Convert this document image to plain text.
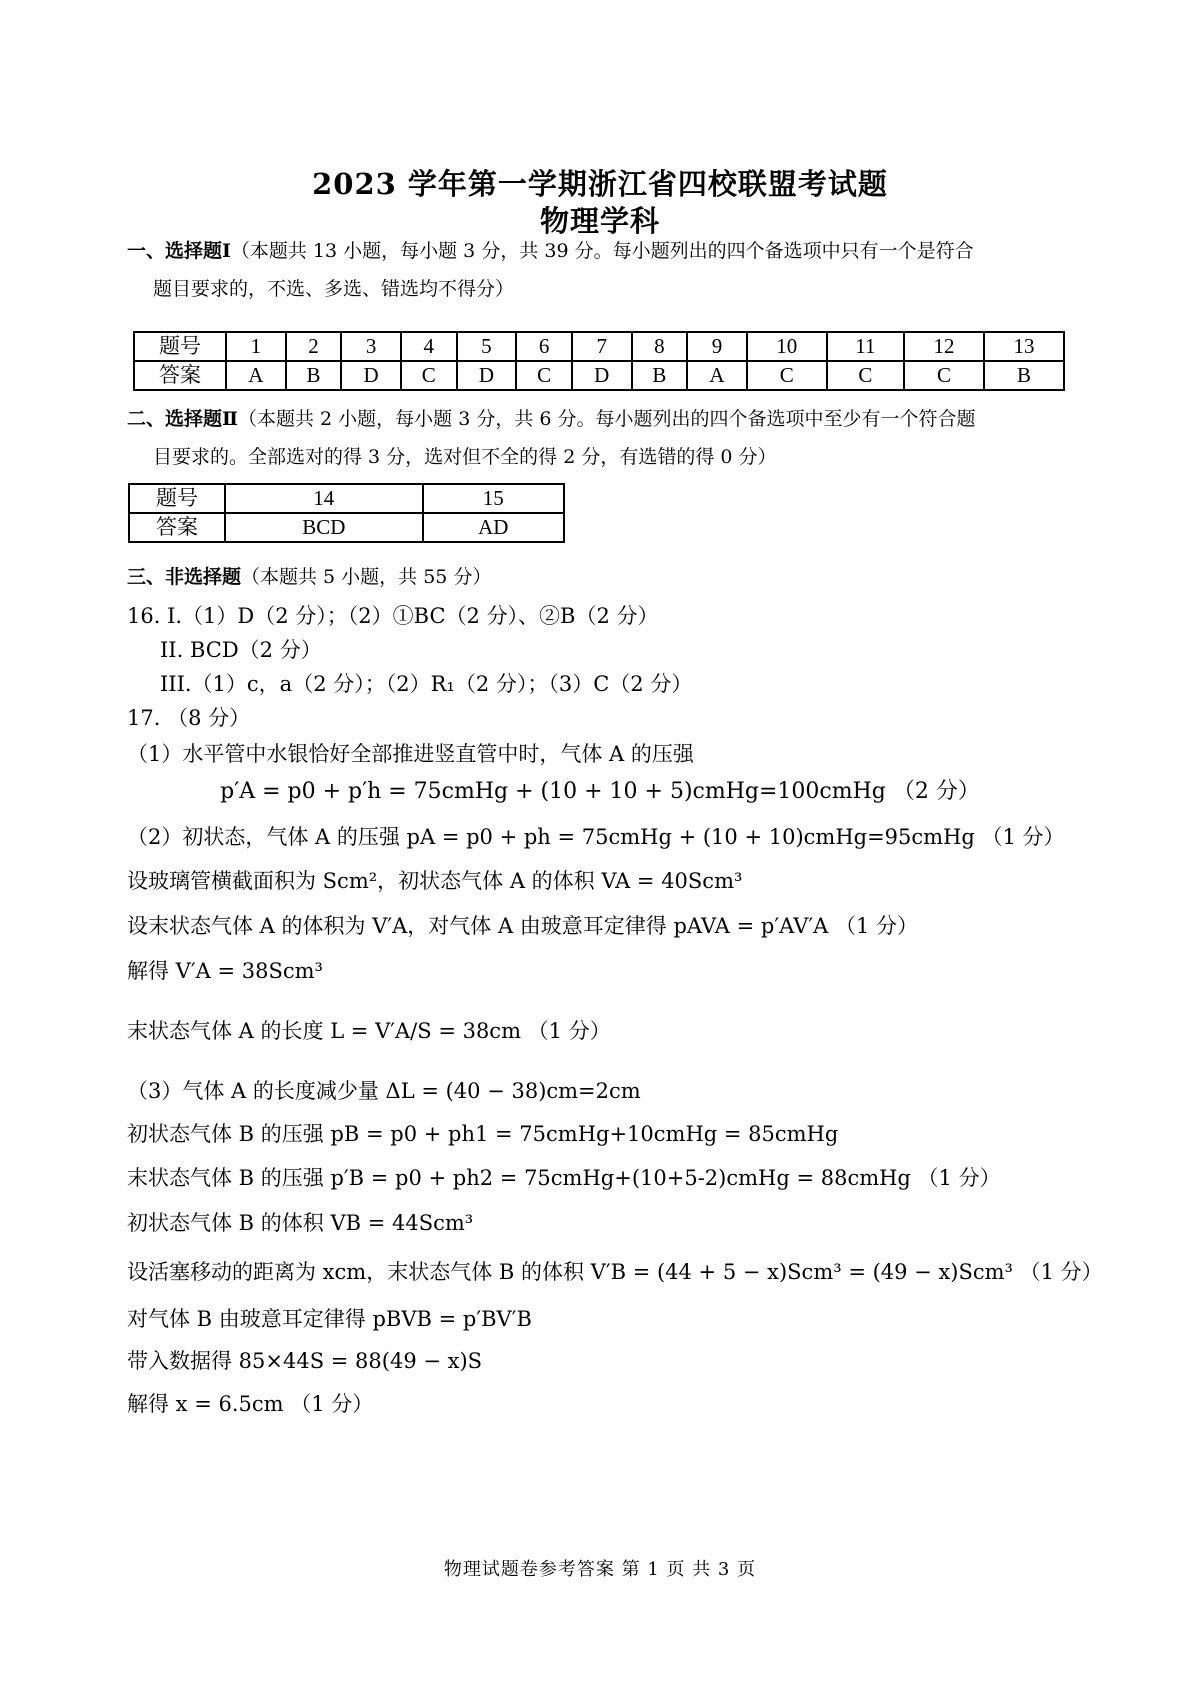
2023 学年第一学期浙江省四校联盟考试题
物理学科
一、选择题Ⅰ（本题共 13 小题，每小题 3 分，共 39 分。每小题列出的四个备选项中只有一个是符合
题目要求的，不选、多选、错选均不得分）
题号	1	2	3	4	5	6	7	8	9	10	11	12	13
答案	A	B	D	C	D	C	D	B	A	C	C	C	B
二、选择题Ⅱ（本题共 2 小题，每小题 3 分，共 6 分。每小题列出的四个备选项中至少有一个符合题
目要求的。全部选对的得 3 分，选对但不全的得 2 分，有选错的得 0 分）
题号	14	15
答案	BCD	AD
三、非选择题（本题共 5 小题，共 55 分）
16. I.（1）D（2 分）；（2）①BC（2 分）、②B（2 分）
II. BCD（2 分）
III.（1）c，a（2 分）；（2）R₁（2 分）；（3）C（2 分）
17. （8 分）
（1）水平管中水银恰好全部推进竖直管中时，气体 A 的压强
p′A = p0 + p′h = 75cmHg + (10 + 10 + 5)cmHg=100cmHg （2 分）
（2）初状态，气体 A 的压强 pA = p0 + ph = 75cmHg + (10 + 10)cmHg=95cmHg （1 分）
设玻璃管横截面积为 Scm²，初状态气体 A 的体积 VA = 40Scm³
设末状态气体 A 的体积为 V′A，对气体 A 由玻意耳定律得 pAVA = p′AV′A （1 分）
解得 V′A = 38Scm³
末状态气体 A 的长度 L = V′A/S = 38cm （1 分）
（3）气体 A 的长度减少量 ΔL = (40 − 38)cm=2cm
初状态气体 B 的压强 pB = p0 + ph1 = 75cmHg+10cmHg = 85cmHg
末状态气体 B 的压强 p′B = p0 + ph2 = 75cmHg+(10+5-2)cmHg = 88cmHg （1 分）
初状态气体 B 的体积 VB = 44Scm³
设活塞移动的距离为 xcm，末状态气体 B 的体积 V′B = (44 + 5 − x)Scm³ = (49 − x)Scm³ （1 分）
对气体 B 由玻意耳定律得 pBVB = p′BV′B
带入数据得 85×44S = 88(49 − x)S
解得 x = 6.5cm （1 分）
物理试题卷参考答案 第 1 页 共 3 页
